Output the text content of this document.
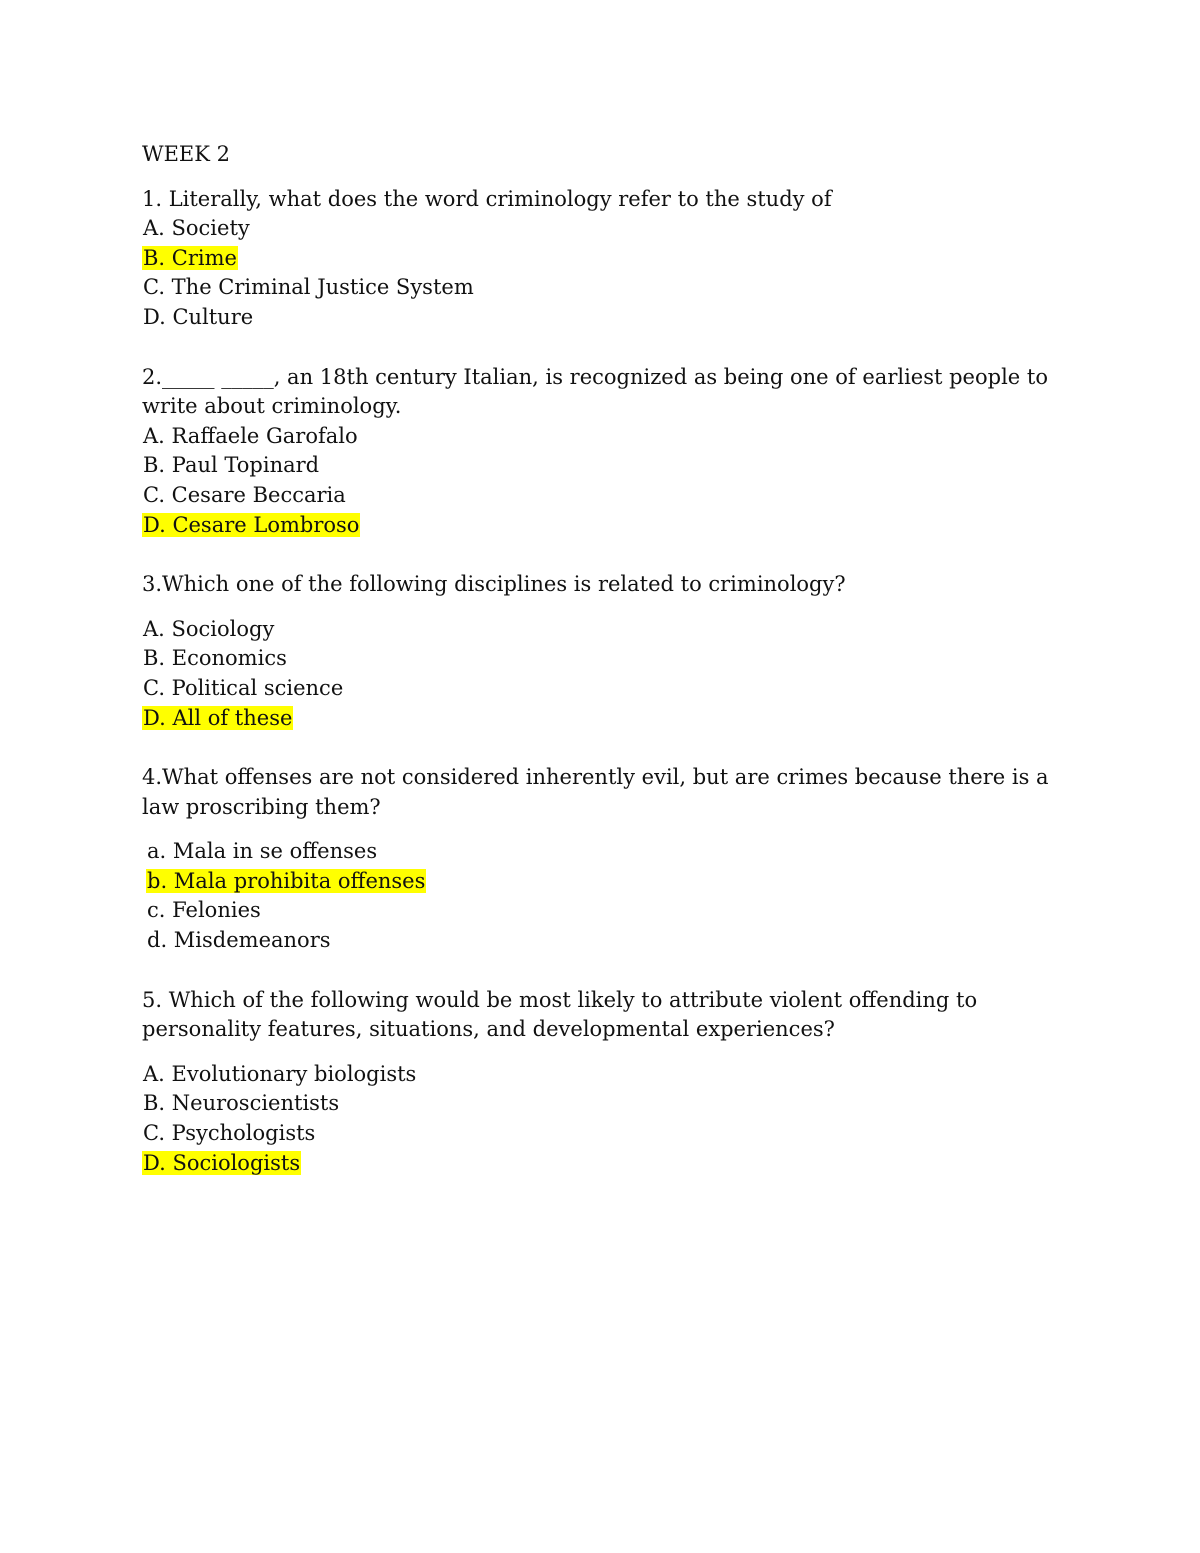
WEEK 2

1. Literally, what does the word criminology refer to the study of

A. Society

B. Crime

C. The Criminal Justice System

D. Culture

2._____ _____, an 18th century Italian, is recognized as being one of earliest people to write about criminology.

A. Raffaele Garofalo

B. Paul Topinard

C. Cesare Beccaria

D. Cesare Lombroso

3.Which one of the following disciplines is related to criminology?

A. Sociology

B. Economics

C. Political science

D. All of these

4.What offenses are not considered inherently evil, but are crimes because there is a law proscribing them?

a. Mala in se offenses

b. Mala prohibita offenses

c. Felonies

d. Misdemeanors

5. Which of the following would be most likely to attribute violent offending to personality features, situations, and developmental experiences?

A. Evolutionary biologists

B. Neuroscientists

C. Psychologists

D. Sociologists
